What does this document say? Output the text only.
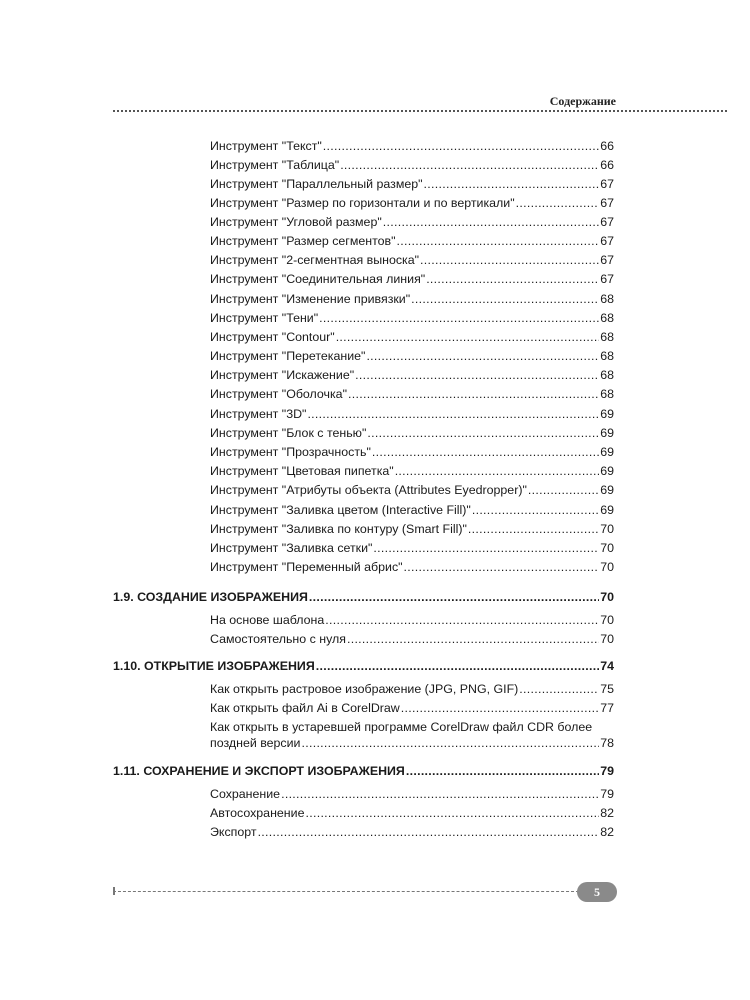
Содержание
Инструмент "Текст" .....	66
Инструмент "Таблица" .....	66
Инструмент "Параллельный размер" .....	67
Инструмент "Размер по горизонтали и по вертикали" .....	67
Инструмент "Угловой размер" .....	67
Инструмент "Размер сегментов" .....	67
Инструмент "2-сегментная выноска" .....	67
Инструмент "Соединительная линия" .....	67
Инструмент "Изменение привязки" .....	68
Инструмент "Тени" .....	68
Инструмент "Contour" .....	68
Инструмент "Перетекание" .....	68
Инструмент "Искажение" .....	68
Инструмент "Оболочка" .....	68
Инструмент "3D" .....	69
Инструмент "Блок с тенью" .....	69
Инструмент "Прозрачность" .....	69
Инструмент "Цветовая пипетка" .....	69
Инструмент "Атрибуты объекта (Attributes Eyedropper)" .....	69
Инструмент "Заливка цветом (Interactive Fill)" .....	69
Инструмент "Заливка по контуру (Smart Fill)" .....	70
Инструмент "Заливка сетки" .....	70
Инструмент "Переменный абрис" .....	70
1.9. СОЗДАНИЕ ИЗОБРАЖЕНИЯ .....	70
На основе шаблона .....	70
Самостоятельно с нуля .....	70
1.10. ОТКРЫТИЕ ИЗОБРАЖЕНИЯ .....	74
Как открыть растровое изображение (JPG, PNG, GIF) .....	75
Как открыть файл Ai в CorelDraw .....	77
Как открыть в устаревшей программе CorelDraw файл CDR более
поздней версии .....	78
1.11. СОХРАНЕНИЕ И ЭКСПОРТ ИЗОБРАЖЕНИЯ .....	79
Сохранение .....	79
Автосохранение .....	82
Экспорт .....	82
5
